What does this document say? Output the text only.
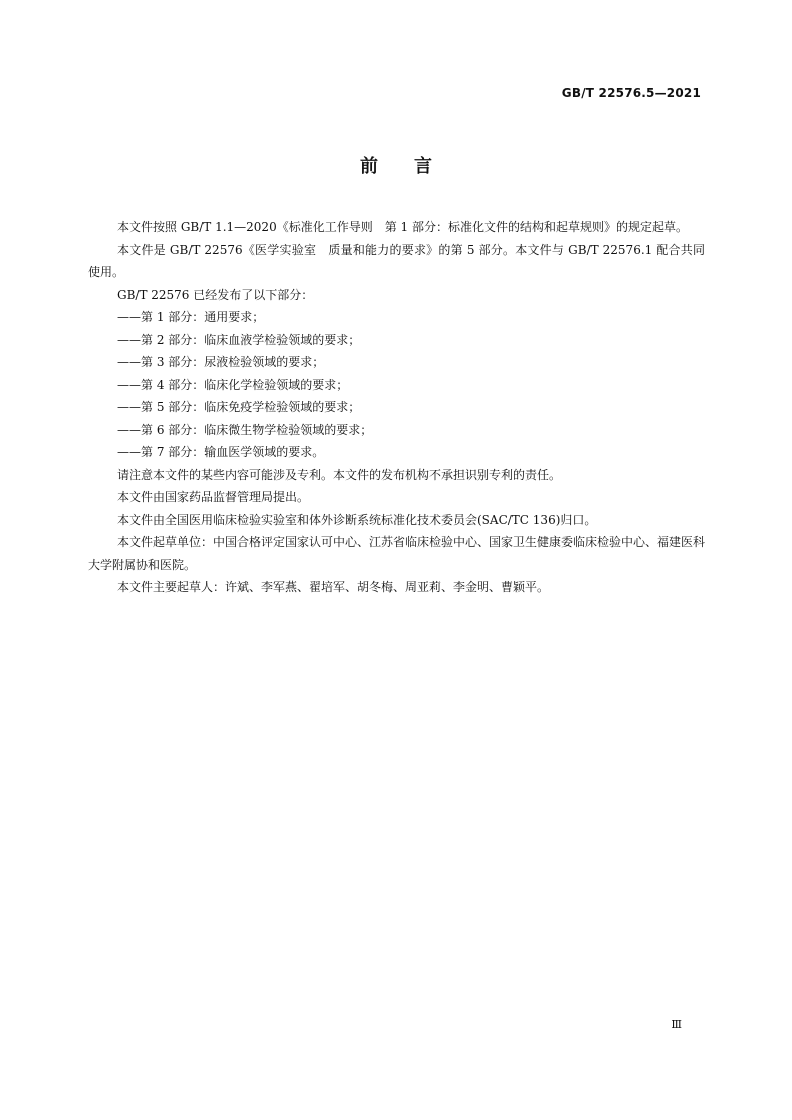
GB/T 22576.5—2021
前　　言

本文件按照 GB/T 1.1—2020《标准化工作导则　第 1 部分：标准化文件的结构和起草规则》的规定起草。

本文件是 GB/T 22576《医学实验室　质量和能力的要求》的第 5 部分。本文件与 GB/T 22576.1 配合共同使用。

GB/T 22576 已经发布了以下部分：

——第 1 部分：通用要求；

——第 2 部分：临床血液学检验领域的要求；

——第 3 部分：尿液检验领域的要求；

——第 4 部分：临床化学检验领域的要求；

——第 5 部分：临床免疫学检验领域的要求；

——第 6 部分：临床微生物学检验领域的要求；

——第 7 部分：输血医学领域的要求。

请注意本文件的某些内容可能涉及专利。本文件的发布机构不承担识别专利的责任。

本文件由国家药品监督管理局提出。

本文件由全国医用临床检验实验室和体外诊断系统标准化技术委员会(SAC/TC 136)归口。

本文件起草单位：中国合格评定国家认可中心、江苏省临床检验中心、国家卫生健康委临床检验中心、福建医科大学附属协和医院。

本文件主要起草人：许斌、李军燕、翟培军、胡冬梅、周亚莉、李金明、曹颖平。

Ⅲ
